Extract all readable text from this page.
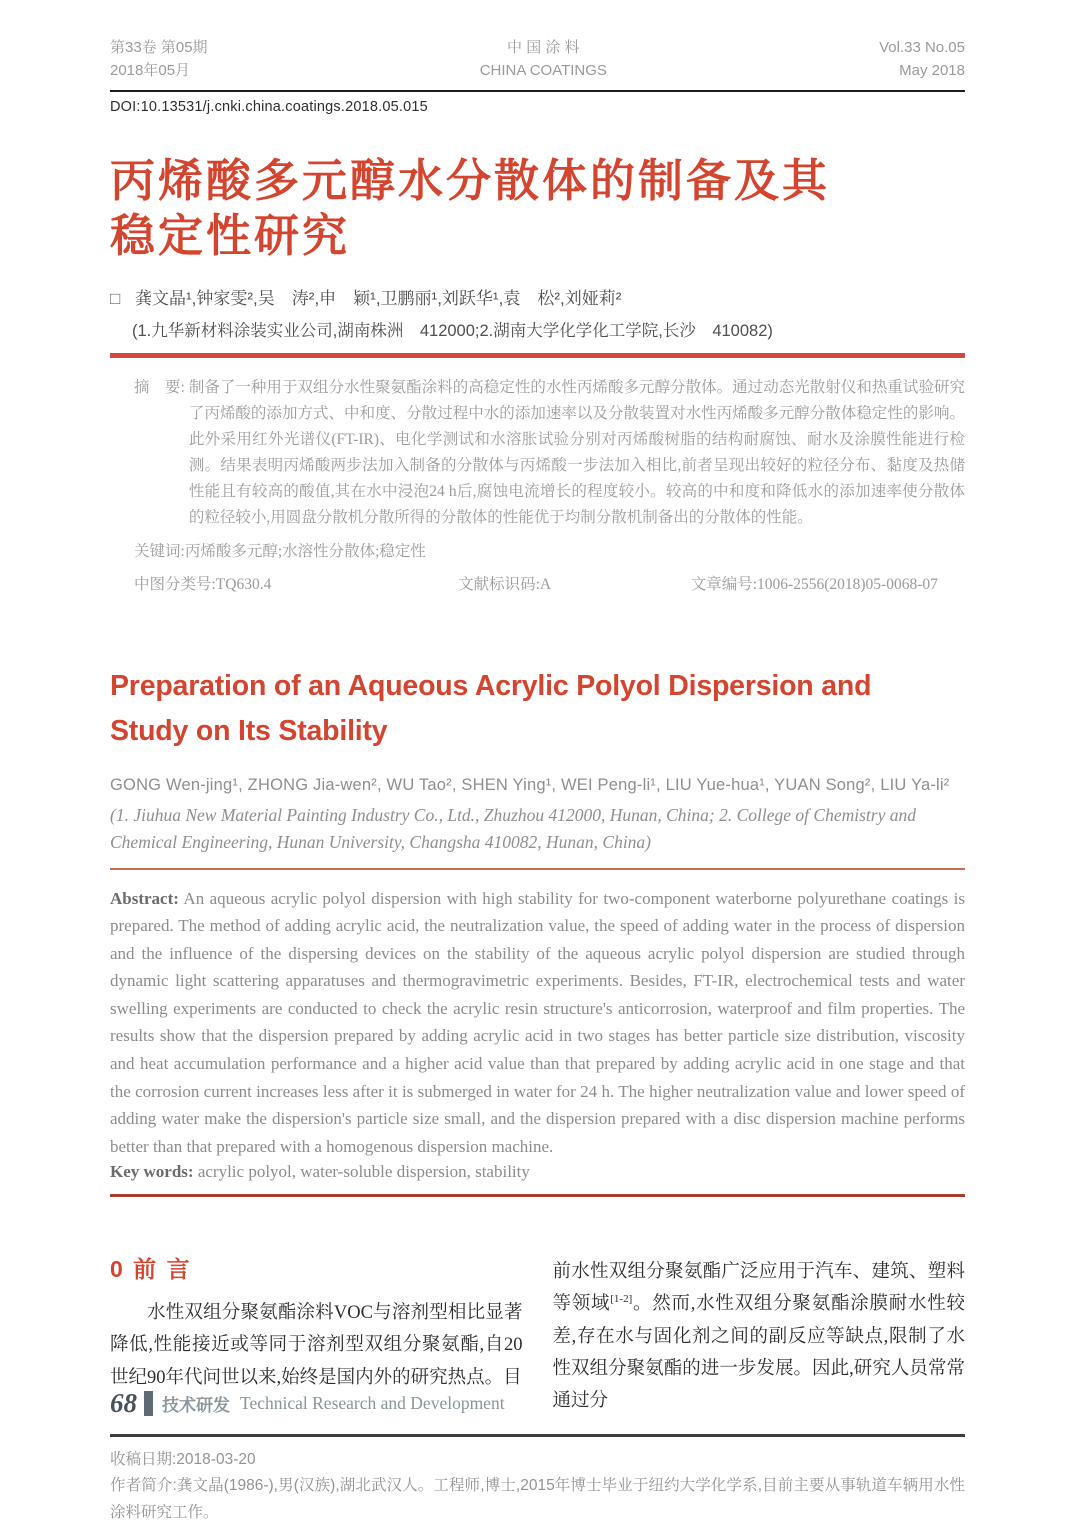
第33卷 第05期
2018年05月
中 国 涂 料
CHINA COATINGS
Vol.33 No.05
May 2018
DOI:10.13531/j.cnki.china.coatings.2018.05.015
丙烯酸多元醇水分散体的制备及其
稳定性研究
□ 龚文晶¹,钟家雯²,吴　涛²,申　颖¹,卫鹏丽¹,刘跃华¹,袁　松²,刘娅莉²
(1.九华新材料涂装实业公司,湖南株洲　412000;2.湖南大学化学化工学院,长沙　410082)
摘　要: 制备了一种用于双组分水性聚氨酯涂料的高稳定性的水性丙烯酸多元醇分散体。通过动态光散射仪和热重试验研究了丙烯酸的添加方式、中和度、分散过程中水的添加速率以及分散装置对水性丙烯酸多元醇分散体稳定性的影响。此外采用红外光谱仪(FT-IR)、电化学测试和水溶胀试验分别对丙烯酸树脂的结构耐腐蚀、耐水及涂膜性能进行检测。结果表明丙烯酸两步法加入制备的分散体与丙烯酸一步法加入相比,前者呈现出较好的粒径分布、黏度及热储性能且有较高的酸值,其在水中浸泡24 h后,腐蚀电流增长的程度较小。较高的中和度和降低水的添加速率使分散体的粒径较小,用圆盘分散机分散所得的分散体的性能优于均制分散机制备出的分散体的性能。
关键词:丙烯酸多元醇;水溶性分散体;稳定性
中图分类号:TQ630.4	文献标识码:A	文章编号:1006-2556(2018)05-0068-07
Preparation of an Aqueous Acrylic Polyol Dispersion and
Study on Its Stability
GONG Wen-jing¹, ZHONG Jia-wen², WU Tao², SHEN Ying¹, WEI Peng-li¹, LIU Yue-hua¹, YUAN Song², LIU Ya-li²
(1. Jiuhua New Material Painting Industry Co., Ltd., Zhuzhou 412000, Hunan, China; 2. College of Chemistry and Chemical Engineering, Hunan University, Changsha 410082, Hunan, China)

Abstract: An aqueous acrylic polyol dispersion with high stability for two-component waterborne polyurethane coatings is prepared. The method of adding acrylic acid, the neutralization value, the speed of adding water in the process of dispersion and the influence of the dispersing devices on the stability of the aqueous acrylic polyol dispersion are studied through dynamic light scattering apparatuses and thermogravimetric experiments. Besides, FT-IR, electrochemical tests and water swelling experiments are conducted to check the acrylic resin structure's anticorrosion, waterproof and film properties. The results show that the dispersion prepared by adding acrylic acid in two stages has better particle size distribution, viscosity and heat accumulation performance and a higher acid value than that prepared by adding acrylic acid in one stage and that the corrosion current increases less after it is submerged in water for 24 h. The higher neutralization value and lower speed of adding water make the dispersion's particle size small, and the dispersion prepared with a disc dispersion machine performs better than that prepared with a homogenous dispersion machine.

Key words: acrylic polyol, water-soluble dispersion, stability

0 前 言

水性双组分聚氨酯涂料VOC与溶剂型相比显著降低,性能接近或等同于溶剂型双组分聚氨酯,自20世纪90年代问世以来,始终是国内外的研究热点。目

前水性双组分聚氨酯广泛应用于汽车、建筑、塑料等领域[1-2]。然而,水性双组分聚氨酯涂膜耐水性较差,存在水与固化剂之间的副反应等缺点,限制了水性双组分聚氨酯的进一步发展。因此,研究人员常常通过分

收稿日期:2018-03-20
作者简介:龚文晶(1986-),男(汉族),湖北武汉人。工程师,博士,2015年博士毕业于纽约大学化学系,目前主要从事轨道车辆用水性涂料研究工作。
68 技术研发 Technical Research and Development
